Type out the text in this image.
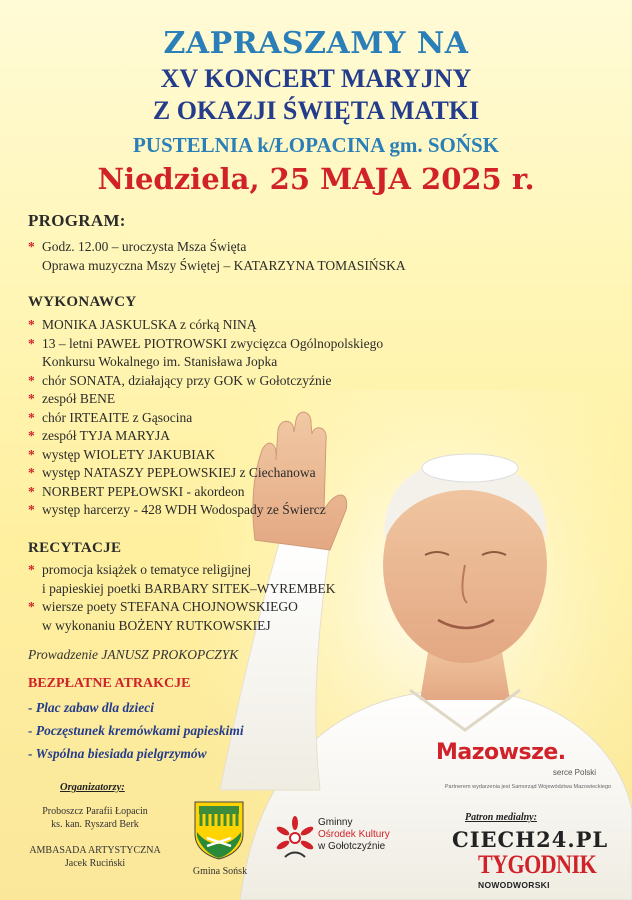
ZAPRASZAMY NA

XV KONCERT MARYJNY

Z OKAZJI ŚWIĘTA MATKI

PUSTELNIA k/ŁOPACINA gm. SOŃSK

Niedziela, 25 MAJA 2025 r.

PROGRAM:

* Godz. 12.00 – uroczysta Msza Święta
Oprawa muzyczna Mszy Świętej – KATARZYNA TOMASIŃSKA

WYKONAWCY

* MONIKA JASKULSKA z córką NINĄ
* 13 – letni PAWEŁ PIOTROWSKI zwycięzca Ogólnopolskiego
Konkursu Wokalnego im. Stanisława Jopka
* chór SONATA, działający przy GOK w Gołotczyźnie
* zespół BENE
* chór IRTEAITE z Gąsocina
* zespół TYJA MARYJA
* występ WIOLETY JAKUBIAK
* występ NATASZY PEPŁOWSKIEJ z Ciechanowa
* NORBERT PEPŁOWSKI - akordeon
* występ harcerzy - 428 WDH Wodospady ze Świercz

RECYTACJE

* promocja książek o tematyce religijnej
i papieskiej poetki BARBARY SITEK–WYREMBEK
* wiersze poety STEFANA CHOJNOWSKIEGO
w wykonaniu BOŻENY RUTKOWSKIEJ
Prowadzenie JANUSZ PROKOPCZYK
BEZPŁATNE ATRAKCJE
- Plac zabaw dla dzieci
- Poczęstunek kremówkami papieskimi
- Wspólna biesiada pielgrzymów
Organizatorzy:
Proboszcz Parafii Łopacin
ks. kan. Ryszard Berk
AMBASADA ARTYSTYCZNA
Jacek Ruciński
Gmina Sońsk
Gminny
Ośrodek Kultury
w Gołotczyźnie
Mazowsze.
serce Polski
Partnerem wydarzenia jest Samorząd Województwa Mazowieckiego
Patron medialny:
CIECH24.PL
TYGODNIK
NOWODWORSKI
